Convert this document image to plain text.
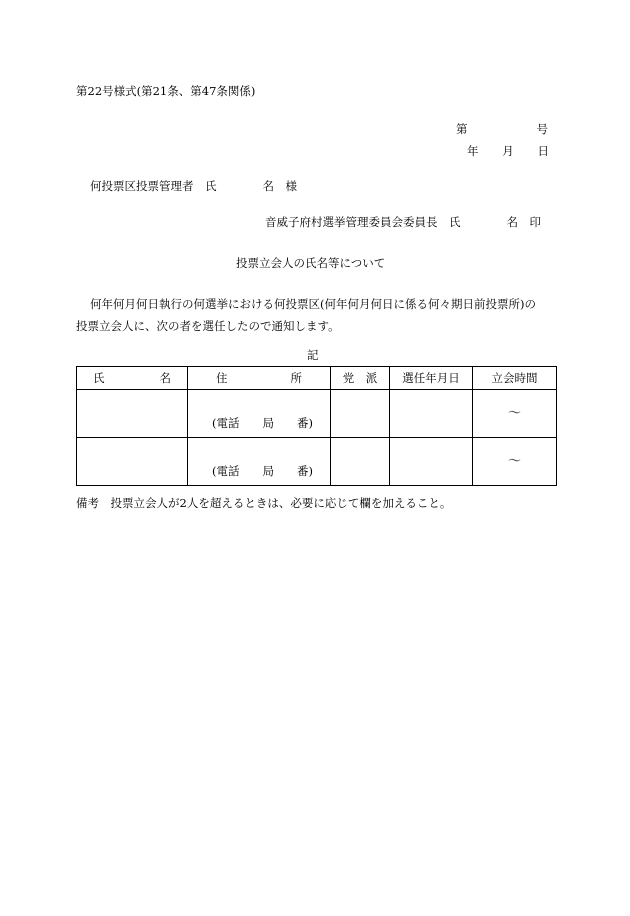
第22号様式(第21条、第47条関係)
第	号
年 月 日
何投票区投票管理者　氏　　　　名　様
音威子府村選挙管理委員会委員長　氏　　　　名　印
投票立会人の氏名等について

何年何月何日執行の何選挙における何投票区(何年何月何日に係る何々期日前投票所)の

投票立会人に、次の者を選任したので通知します。

記
氏 名	住 所	党　派	選任年月日	立会時間

	(電話　　局　　番)			～

	(電話　　局　　番)			～
備考　投票立会人が2人を超えるときは、必要に応じて欄を加えること。
